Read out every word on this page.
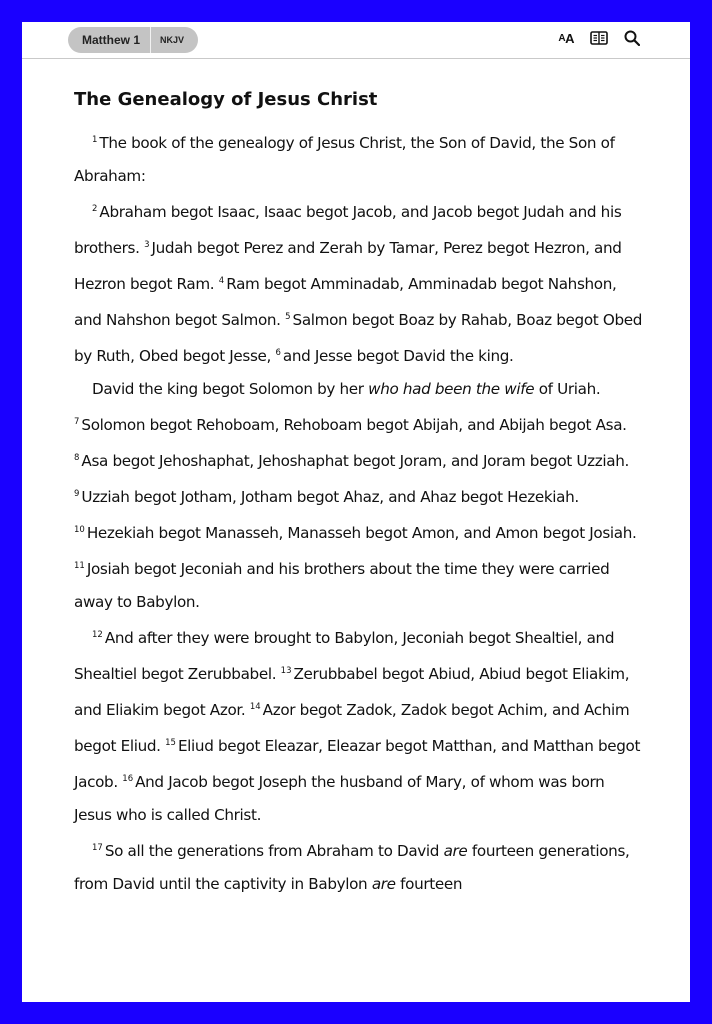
Matthew 1	NKJV	A A
The Genealogy of Jesus Christ

$^1$ The book of the genealogy of Jesus Christ, the Son of David, the Son of Abraham:

$^2$ Abraham begot Isaac, Isaac begot Jacob, and Jacob begot Judah and his brothers. $^3$ Judah begot Perez and Zerah by Tamar, Perez begot Hezron, and Hezron begot Ram. $^4$ Ram begot Amminadab, Amminadab begot Nahshon, and Nahshon begot Salmon. $^5$ Salmon begot Boaz by Rahab, Boaz begot Obed by Ruth, Obed begot Jesse, $^6$ and Jesse begot David the king.

David the king begot Solomon by her who had been the wife of Uriah. $^7$ Solomon begot Rehoboam, Rehoboam begot Abijah, and Abijah begot Asa. $^8$ Asa begot Jehoshaphat, Jehoshaphat begot Joram, and Joram begot Uzziah. $^9$ Uzziah begot Jotham, Jotham begot Ahaz, and Ahaz begot Hezekiah. $^{10}$ Hezekiah begot Manasseh, Manasseh begot Amon, and Amon begot Josiah. $^{11}$ Josiah begot Jeconiah and his brothers about the time they were carried away to Babylon.

$^{12}$ And after they were brought to Babylon, Jeconiah begot Shealtiel, and Shealtiel begot Zerubbabel. $^{13}$ Zerubbabel begot Abiud, Abiud begot Eliakim, and Eliakim begot Azor. $^{14}$ Azor begot Zadok, Zadok begot Achim, and Achim begot Eliud. $^{15}$ Eliud begot Eleazar, Eleazar begot Matthan, and Matthan begot Jacob. $^{16}$ And Jacob begot Joseph the husband of Mary, of whom was born Jesus who is called Christ.

$^{17}$ So all the generations from Abraham to David are fourteen generations, from David until the captivity in Babylon are fourteen
